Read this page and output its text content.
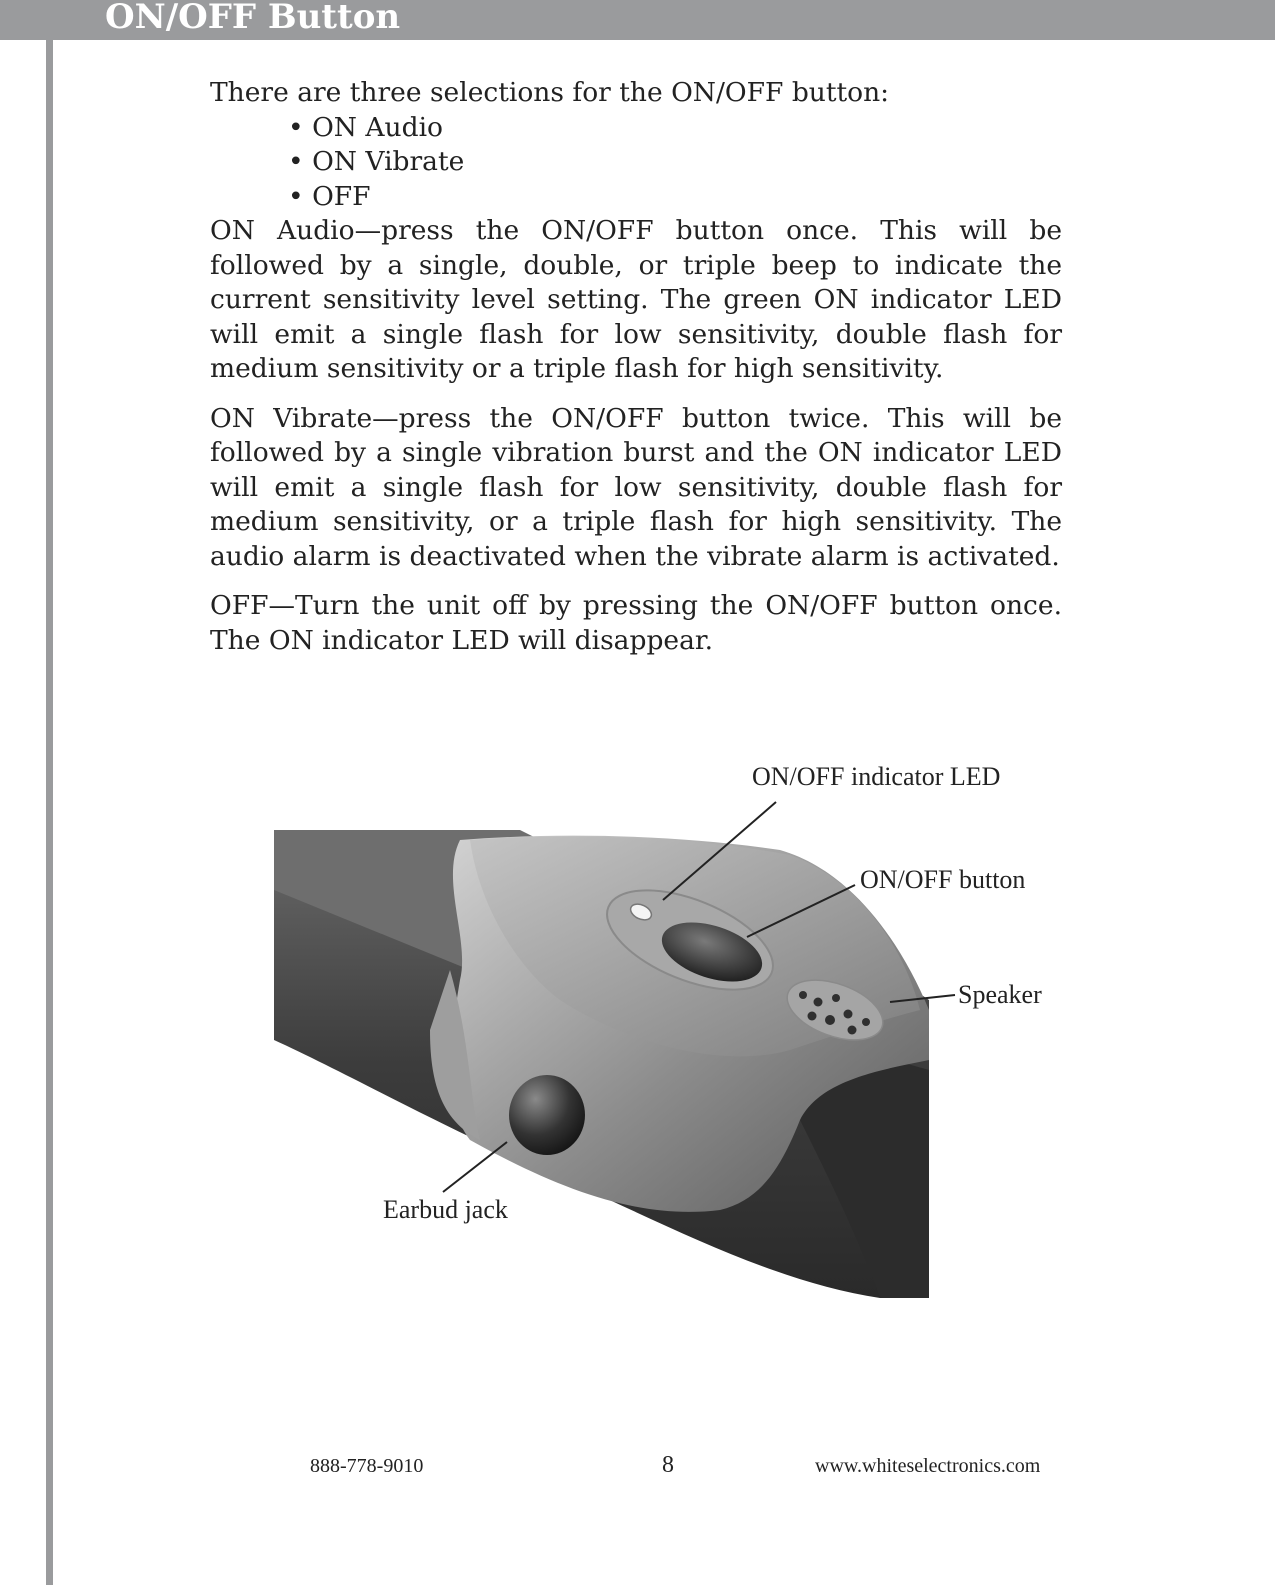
ON/OFF Button

There are three selections for the ON/OFF button:

• ON Audio
• ON Vibrate
• OFF

ON Audio—press the ON/OFF button once. This will be followed by a single, double, or triple beep to indicate the current sensitivity level setting. The green ON indicator LED will emit a single flash for low sensitivity, double flash for medium sensitivity or a triple flash for high sensitivity.

ON Vibrate—press the ON/OFF button twice. This will be followed by a single vibration burst and the ON indicator LED will emit a single flash for low sensitivity, double flash for medium sensitivity, or a triple flash for high sensitivity. The audio alarm is deactivated when the vibrate alarm is activated.

OFF—Turn the unit off by pressing the ON/OFF button once. The ON indicator LED will disappear.

ON/OFF indicator LED
ON/OFF button
Speaker
Earbud jack
888-778-9010	8	www.whiteselectronics.com
